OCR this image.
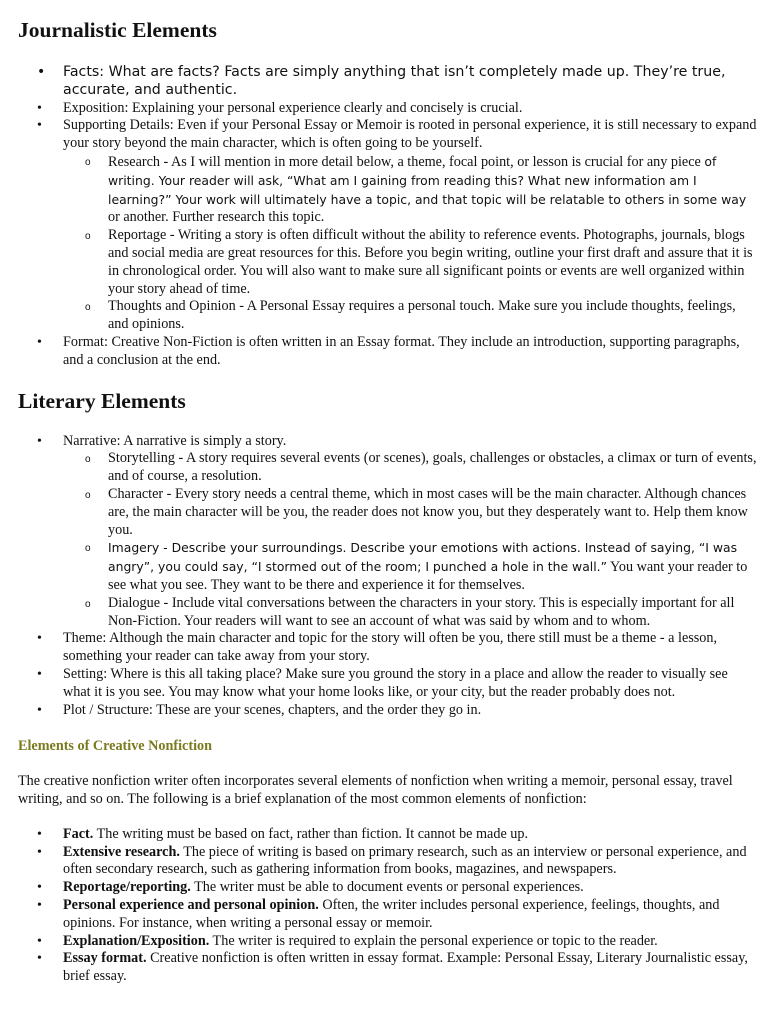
Journalistic Elements
• Facts: What are facts? Facts are simply anything that isn’t completely made up. They’re true, accurate, and authentic.
• Exposition: Explaining your personal experience clearly and concisely is crucial.
• Supporting Details: Even if your Personal Essay or Memoir is rooted in personal experience, it is still necessary to expand your story beyond the main character, which is often going to be yourself.
o Research - As I will mention in more detail below, a theme, focal point, or lesson is crucial for any piece of writing. Your reader will ask, “What am I gaining from reading this? What new information am I learning?” Your work will ultimately have a topic, and that topic will be relatable to others in some way or another. Further research this topic.
o Reportage - Writing a story is often difficult without the ability to reference events. Photographs, journals, blogs and social media are great resources for this. Before you begin writing, outline your first draft and assure that it is in chronological order. You will also want to make sure all significant points or events are well organized within your story ahead of time.
o Thoughts and Opinion - A Personal Essay requires a personal touch. Make sure you include thoughts, feelings, and opinions.
• Format: Creative Non-Fiction is often written in an Essay format. They include an introduction, supporting paragraphs, and a conclusion at the end.
Literary Elements
• Narrative: A narrative is simply a story.
o Storytelling - A story requires several events (or scenes), goals, challenges or obstacles, a climax or turn of events, and of course, a resolution.
o Character - Every story needs a central theme, which in most cases will be the main character. Although chances are, the main character will be you, the reader does not know you, but they desperately want to. Help them know you.
o Imagery - Describe your surroundings. Describe your emotions with actions. Instead of saying, “I was angry”, you could say, “I stormed out of the room; I punched a hole in the wall.” You want your reader to see what you see. They want to be there and experience it for themselves.
o Dialogue - Include vital conversations between the characters in your story. This is especially important for all Non-Fiction. Your readers will want to see an account of what was said by whom and to whom.
• Theme: Although the main character and topic for the story will often be you, there still must be a theme - a lesson, something your reader can take away from your story.
• Setting: Where is this all taking place? Make sure you ground the story in a place and allow the reader to visually see what it is you see. You may know what your home looks like, or your city, but the reader probably does not.
• Plot / Structure: These are your scenes, chapters, and the order they go in.

Elements of Creative Nonfiction

The creative nonfiction writer often incorporates several elements of nonfiction when writing a memoir, personal essay, travel writing, and so on. The following is a brief explanation of the most common elements of nonfiction:

• Fact. The writing must be based on fact, rather than fiction. It cannot be made up.
• Extensive research. The piece of writing is based on primary research, such as an interview or personal experience, and often secondary research, such as gathering information from books, magazines, and newspapers.
• Reportage/reporting. The writer must be able to document events or personal experiences.
• Personal experience and personal opinion. Often, the writer includes personal experience, feelings, thoughts, and opinions. For instance, when writing a personal essay or memoir.
• Explanation/Exposition. The writer is required to explain the personal experience or topic to the reader.
• Essay format. Creative nonfiction is often written in essay format. Example: Personal Essay, Literary Journalistic essay, brief essay.
